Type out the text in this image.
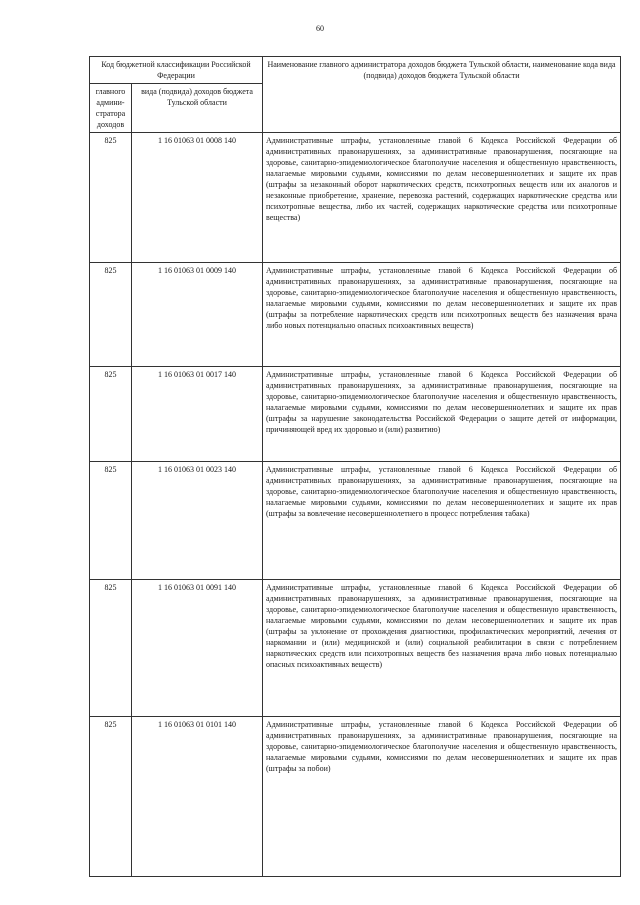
60
Код бюджетной классификации Российской Федерации		Наименование главного администратора доходов бюджета Тульской области, наименование кода вида (подвида) доходов бюджета Тульской области
главного админи-стратора доходов	вида (подвида) доходов бюджета Тульской области	
825	1 16 01063 01 0008 140	Административные штрафы, установленные главой 6 Кодекса Российской Федерации об административных правонарушениях, за административные правонарушения, посягающие на здоровье, санитарно-эпидемиологическое благополучие населения и общественную нравственность, налагаемые мировыми судьями, комиссиями по делам несовершеннолетних и защите их прав (штрафы за незаконный оборот наркотических средств, психотропных веществ или их аналогов и незаконные приобретение, хранение, перевозка растений, содержащих наркотические средства или психотропные вещества, либо их частей, содержащих наркотические средства или психотропные вещества)
825	1 16 01063 01 0009 140	Административные штрафы, установленные главой 6 Кодекса Российской Федерации об административных правонарушениях, за административные правонарушения, посягающие на здоровье, санитарно-эпидемиологическое благополучие населения и общественную нравственность, налагаемые мировыми судьями, комиссиями по делам несовершеннолетних и защите их прав (штрафы за потребление наркотических средств или психотропных веществ без назначения врача либо новых потенциально опасных психоактивных веществ)
825	1 16 01063 01 0017 140	Административные штрафы, установленные главой 6 Кодекса Российской Федерации об административных правонарушениях, за административные правонарушения, посягающие на здоровье, санитарно-эпидемиологическое благополучие населения и общественную нравственность, налагаемые мировыми судьями, комиссиями по делам несовершеннолетних и защите их прав (штрафы за нарушение законодательства Российской Федерации о защите детей от информации, причиняющей вред их здоровью и (или) развитию)
825	1 16 01063 01 0023 140	Административные штрафы, установленные главой 6 Кодекса Российской Федерации об административных правонарушениях, за административные правонарушения, посягающие на здоровье, санитарно-эпидемиологическое благополучие населения и общественную нравственность, налагаемые мировыми судьями, комиссиями по делам несовершеннолетних и защите их прав (штрафы за вовлечение несовершеннолетнего в процесс потребления табака)
825	1 16 01063 01 0091 140	Административные штрафы, установленные главой 6 Кодекса Российской Федерации об административных правонарушениях, за административные правонарушения, посягающие на здоровье, санитарно-эпидемиологическое благополучие населения и общественную нравственность, налагаемые мировыми судьями, комиссиями по делам несовершеннолетних и защите их прав (штрафы за уклонение от прохождения диагностики, профилактических мероприятий, лечения от наркомании и (или) медицинской и (или) социальной реабилитации в связи с потреблением наркотических средств или психотропных веществ без назначения врача либо новых потенциально опасных психоактивных веществ)
825	1 16 01063 01 0101 140	Административные штрафы, установленные главой 6 Кодекса Российской Федерации об административных правонарушениях, за административные правонарушения, посягающие на здоровье, санитарно-эпидемиологическое благополучие населения и общественную нравственность, налагаемые мировыми судьями, комиссиями по делам несовершеннолетних и защите их прав (штрафы за побои)
